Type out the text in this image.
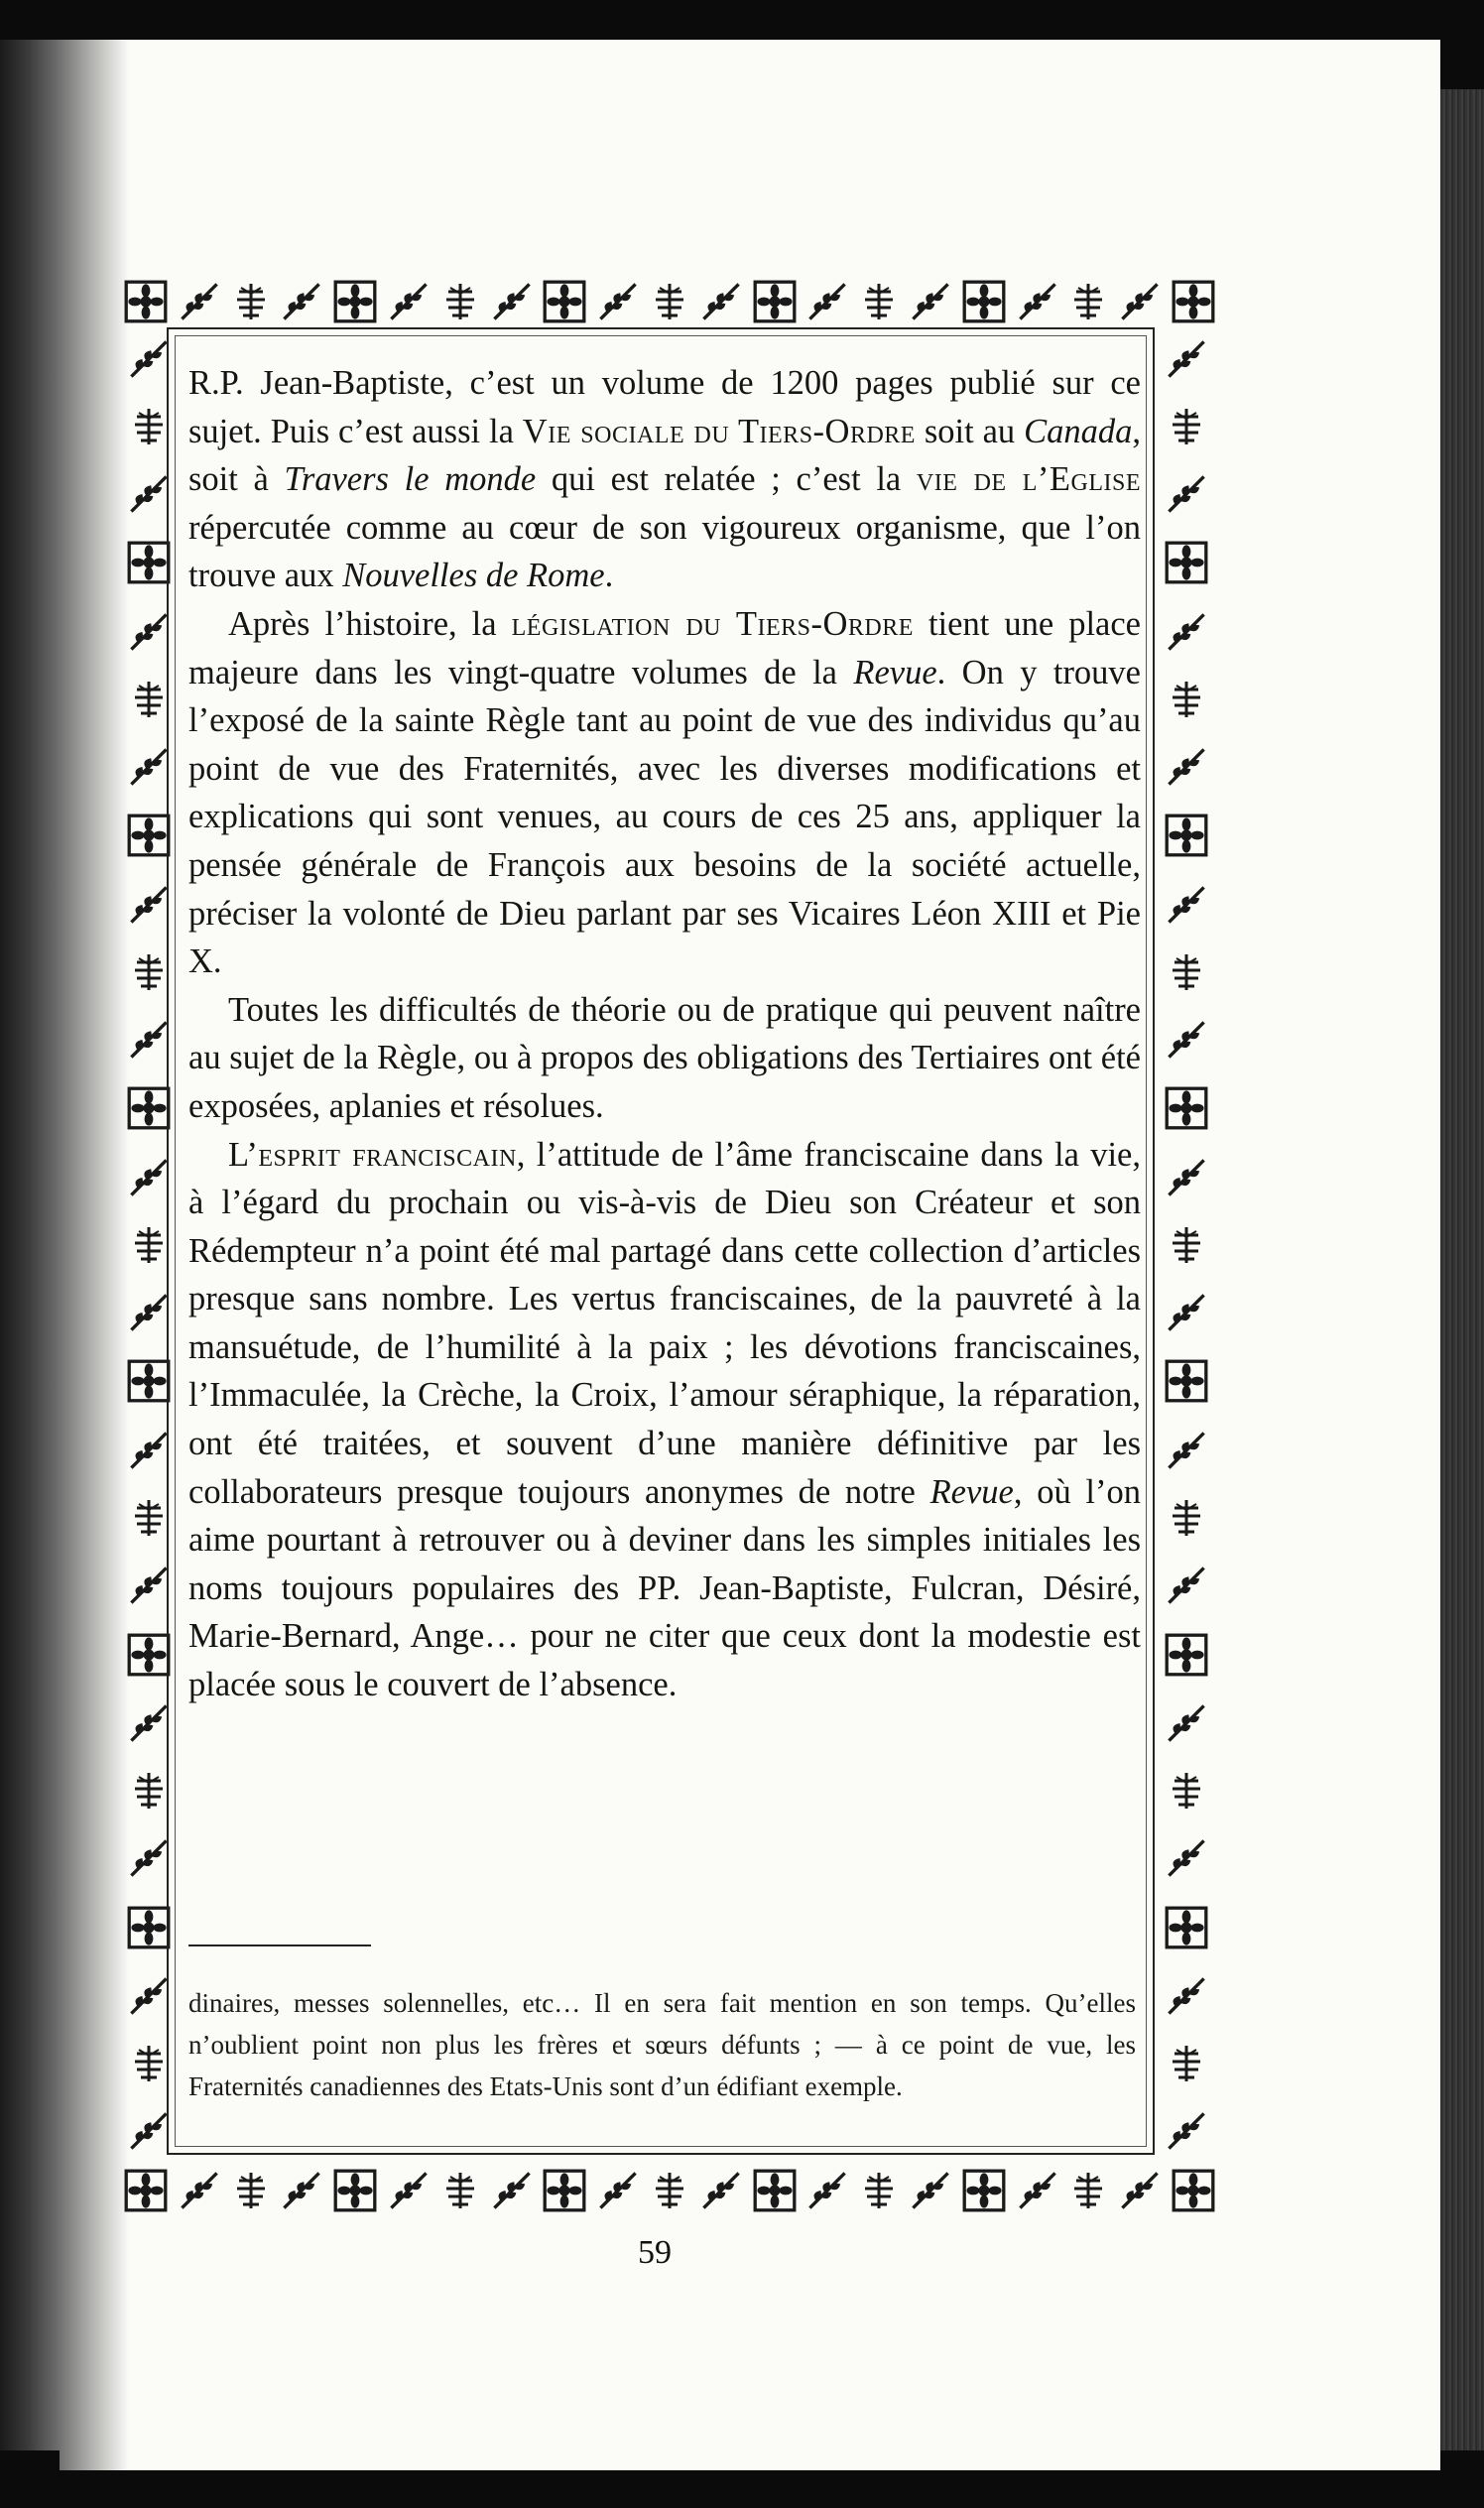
R.P. Jean-Baptiste, c’est un volume de 1200 pages publié sur ce sujet. Puis c’est aussi la Vie sociale du Tiers-Ordre soit au Canada, soit à Travers le monde qui est relatée ; c’est la vie de l’Eglise répercutée comme au cœur de son vigoureux organisme, que l’on trouve aux Nouvelles de Rome.

Après l’histoire, la législation du Tiers-Ordre tient une place majeure dans les vingt-quatre volumes de la Revue. On y trouve l’exposé de la sainte Règle tant au point de vue des individus qu’au point de vue des Fraternités, avec les diverses modifications et explications qui sont venues, au cours de ces 25 ans, appliquer la pensée générale de François aux besoins de la société actuelle, préciser la volonté de Dieu parlant par ses Vicaires Léon XIII et Pie X.

Toutes les difficultés de théorie ou de pratique qui peuvent naître au sujet de la Règle, ou à propos des obligations des Tertiaires ont été exposées, aplanies et résolues.

L’esprit franciscain, l’attitude de l’âme franciscaine dans la vie, à l’égard du prochain ou vis-à-vis de Dieu son Créateur et son Rédempteur n’a point été mal partagé dans cette collection d’articles presque sans nombre. Les vertus franciscaines, de la pauvreté à la mansuétude, de l’humilité à la paix ; les dévotions franciscaines, l’Immaculée, la Crèche, la Croix, l’amour séraphique, la réparation, ont été traitées, et souvent d’une manière définitive par les collaborateurs presque toujours anonymes de notre Revue, où l’on aime pourtant à retrouver ou à deviner dans les simples initiales les noms toujours populaires des PP. Jean-Baptiste, Fulcran, Désiré, Marie-Bernard, Ange… pour ne citer que ceux dont la modestie est placée sous le couvert de l’absence.

dinaires, messes solennelles, etc… Il en sera fait mention en son temps. Qu’elles n’oublient point non plus les frères et sœurs défunts ; — à ce point de vue, les Fraternités canadiennes des Etats-Unis sont d’un édifiant exemple.
59
